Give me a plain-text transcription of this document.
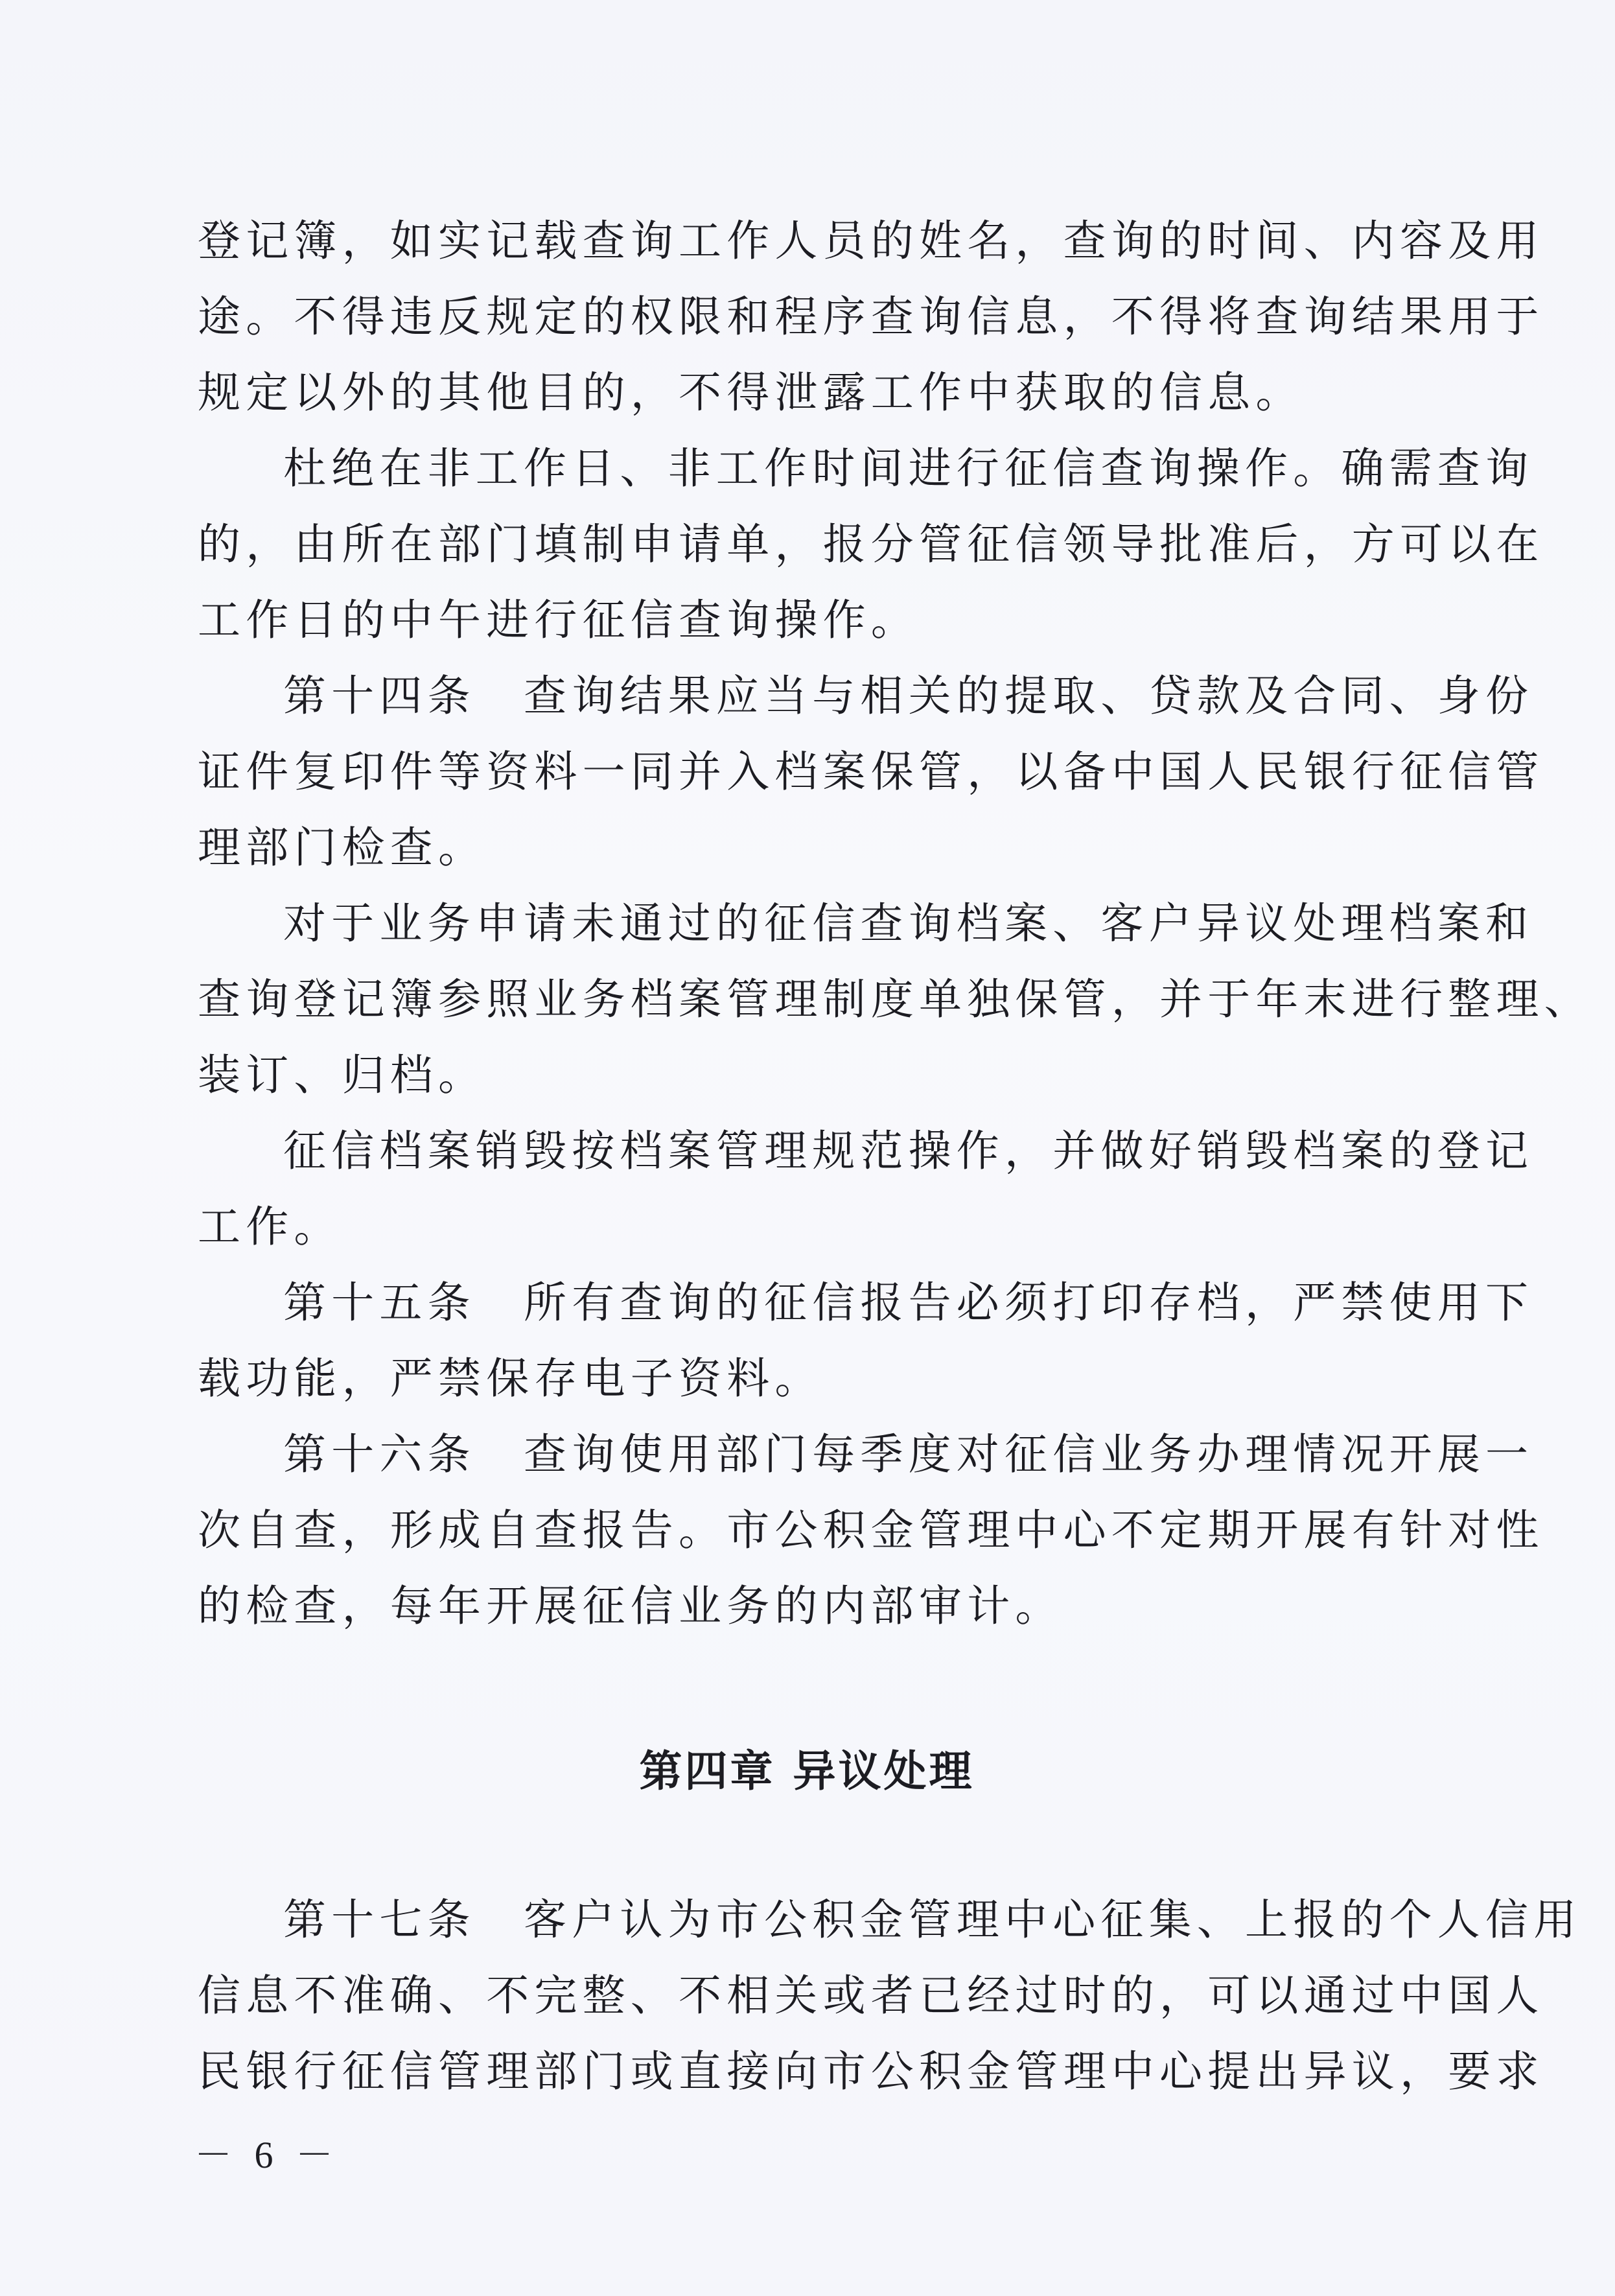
登记簿，如实记载查询工作人员的姓名，查询的时间、内容及用
途。不得违反规定的权限和程序查询信息，不得将查询结果用于
规定以外的其他目的，不得泄露工作中获取的信息。
杜绝在非工作日、非工作时间进行征信查询操作。确需查询
的，由所在部门填制申请单，报分管征信领导批准后，方可以在
工作日的中午进行征信查询操作。
第十四条　查询结果应当与相关的提取、贷款及合同、身份
证件复印件等资料一同并入档案保管，以备中国人民银行征信管
理部门检查。
对于业务申请未通过的征信查询档案、客户异议处理档案和
查询登记簿参照业务档案管理制度单独保管，并于年末进行整理、
装订、归档。
征信档案销毁按档案管理规范操作，并做好销毁档案的登记
工作。
第十五条　所有查询的征信报告必须打印存档，严禁使用下
载功能，严禁保存电子资料。
第十六条　查询使用部门每季度对征信业务办理情况开展一
次自查，形成自查报告。市公积金管理中心不定期开展有针对性
的检查，每年开展征信业务的内部审计。
第四章 异议处理
第十七条　客户认为市公积金管理中心征集、上报的个人信用
信息不准确、不完整、不相关或者已经过时的，可以通过中国人
民银行征信管理部门或直接向市公积金管理中心提出异议，要求
－ 6 －
